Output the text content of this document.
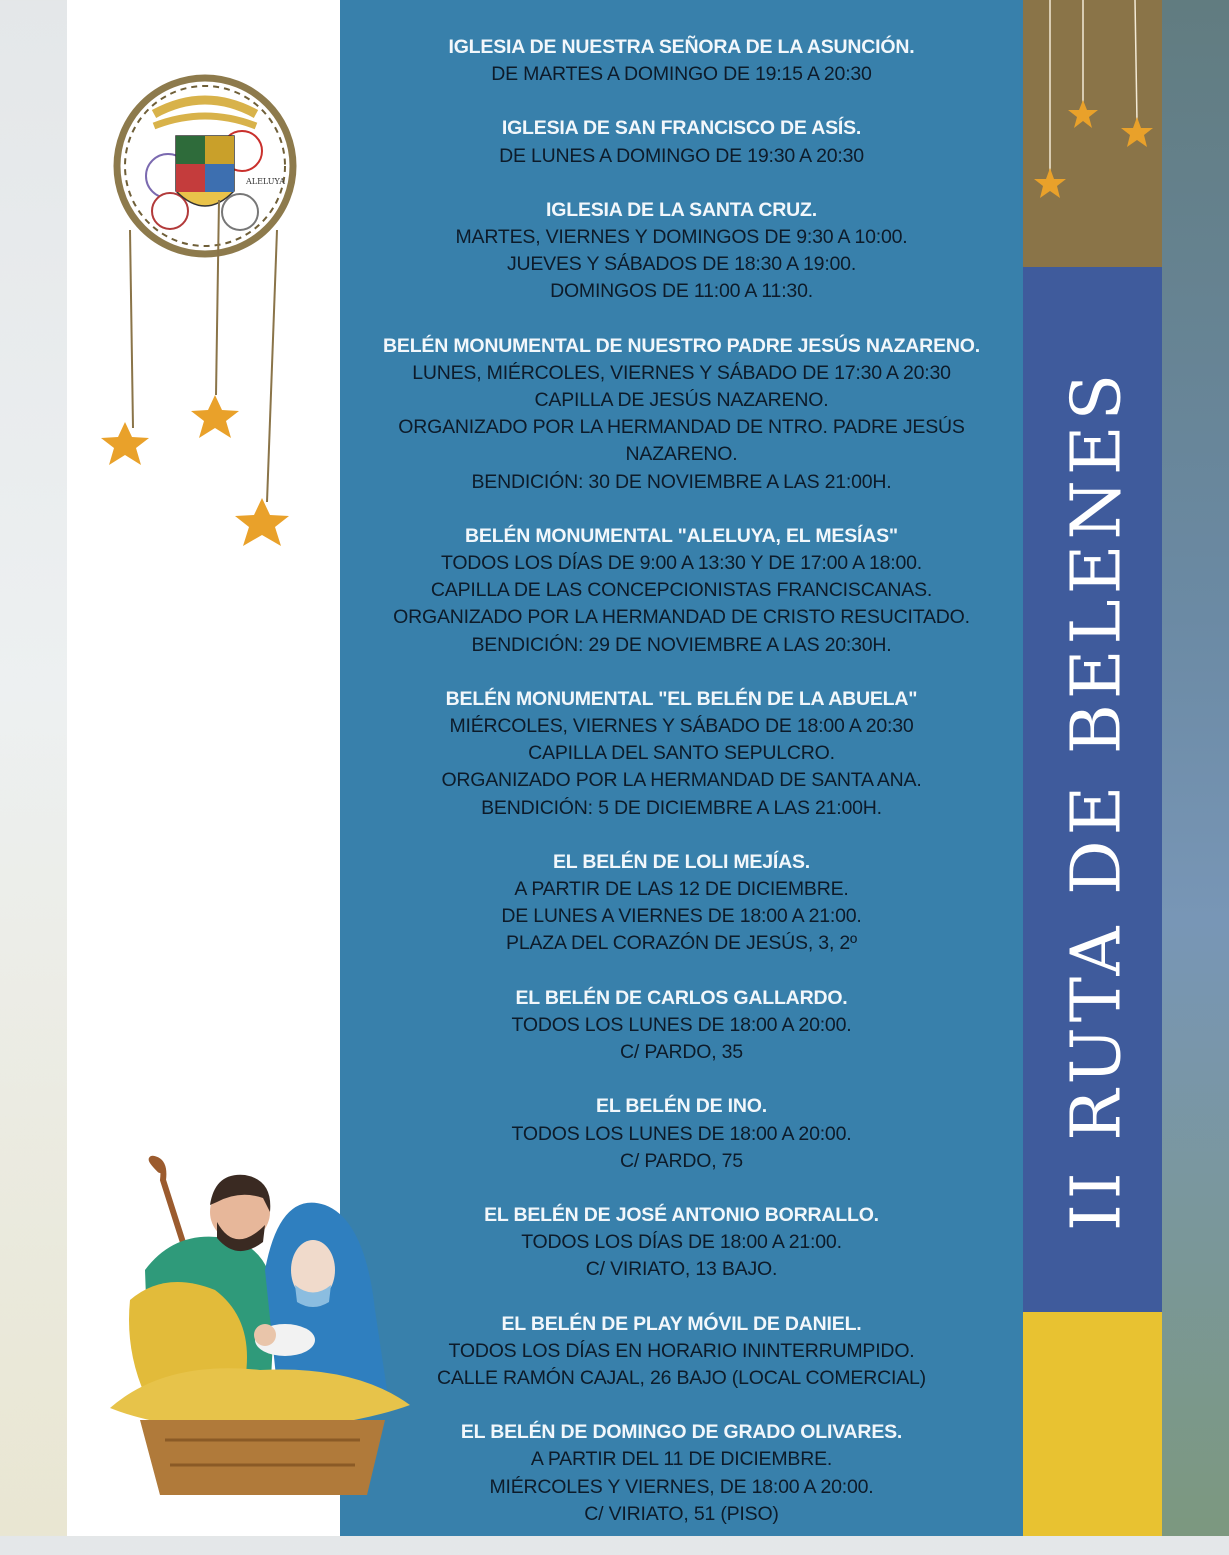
II RUTA DE BELENES
ALELUYA
IGLESIA DE NUESTRA SEÑORA DE LA ASUNCIÓN.
DE MARTES A DOMINGO DE 19:15 A 20:30
IGLESIA DE SAN FRANCISCO DE ASÍS.
DE LUNES A DOMINGO DE 19:30 A 20:30
IGLESIA DE LA SANTA CRUZ.
MARTES, VIERNES Y DOMINGOS DE 9:30 A 10:00.
JUEVES Y SÁBADOS DE 18:30 A 19:00.
DOMINGOS DE 11:00 A 11:30.
BELÉN MONUMENTAL DE NUESTRO PADRE JESÚS NAZARENO.
LUNES, MIÉRCOLES, VIERNES Y SÁBADO DE 17:30 A 20:30
CAPILLA DE JESÚS NAZARENO.
ORGANIZADO POR LA HERMANDAD DE NTRO. PADRE JESÚS NAZARENO.
BENDICIÓN: 30 DE NOVIEMBRE A LAS 21:00H.
BELÉN MONUMENTAL "ALELUYA, EL MESÍAS"
TODOS LOS DÍAS DE 9:00 A 13:30 Y DE 17:00 A 18:00.
CAPILLA DE LAS CONCEPCIONISTAS FRANCISCANAS.
ORGANIZADO POR LA HERMANDAD DE CRISTO RESUCITADO.
BENDICIÓN: 29 DE NOVIEMBRE A LAS 20:30H.
BELÉN MONUMENTAL "EL BELÉN DE LA ABUELA"
MIÉRCOLES, VIERNES Y SÁBADO DE 18:00 A 20:30
CAPILLA DEL SANTO SEPULCRO.
ORGANIZADO POR LA HERMANDAD DE SANTA ANA.
BENDICIÓN: 5 DE DICIEMBRE A LAS 21:00H.
EL BELÉN DE LOLI MEJÍAS.
A PARTIR DE LAS 12 DE DICIEMBRE.
DE LUNES A VIERNES DE 18:00 A 21:00.
PLAZA DEL CORAZÓN DE JESÚS, 3, 2º
EL BELÉN DE CARLOS GALLARDO.
TODOS LOS LUNES DE 18:00 A 20:00.
C/ PARDO, 35
EL BELÉN DE INO.
TODOS LOS LUNES DE 18:00 A 20:00.
C/ PARDO, 75
EL BELÉN DE JOSÉ ANTONIO BORRALLO.
TODOS LOS DÍAS DE 18:00 A 21:00.
C/ VIRIATO, 13 BAJO.
EL BELÉN DE PLAY MÓVIL DE DANIEL.
TODOS LOS DÍAS EN HORARIO ININTERRUMPIDO.
CALLE RAMÓN CAJAL, 26 BAJO (LOCAL COMERCIAL)
EL BELÉN DE DOMINGO DE GRADO OLIVARES.
A PARTIR DEL 11 DE DICIEMBRE.
MIÉRCOLES Y VIERNES, DE 18:00 A 20:00.
C/ VIRIATO, 51 (PISO)
